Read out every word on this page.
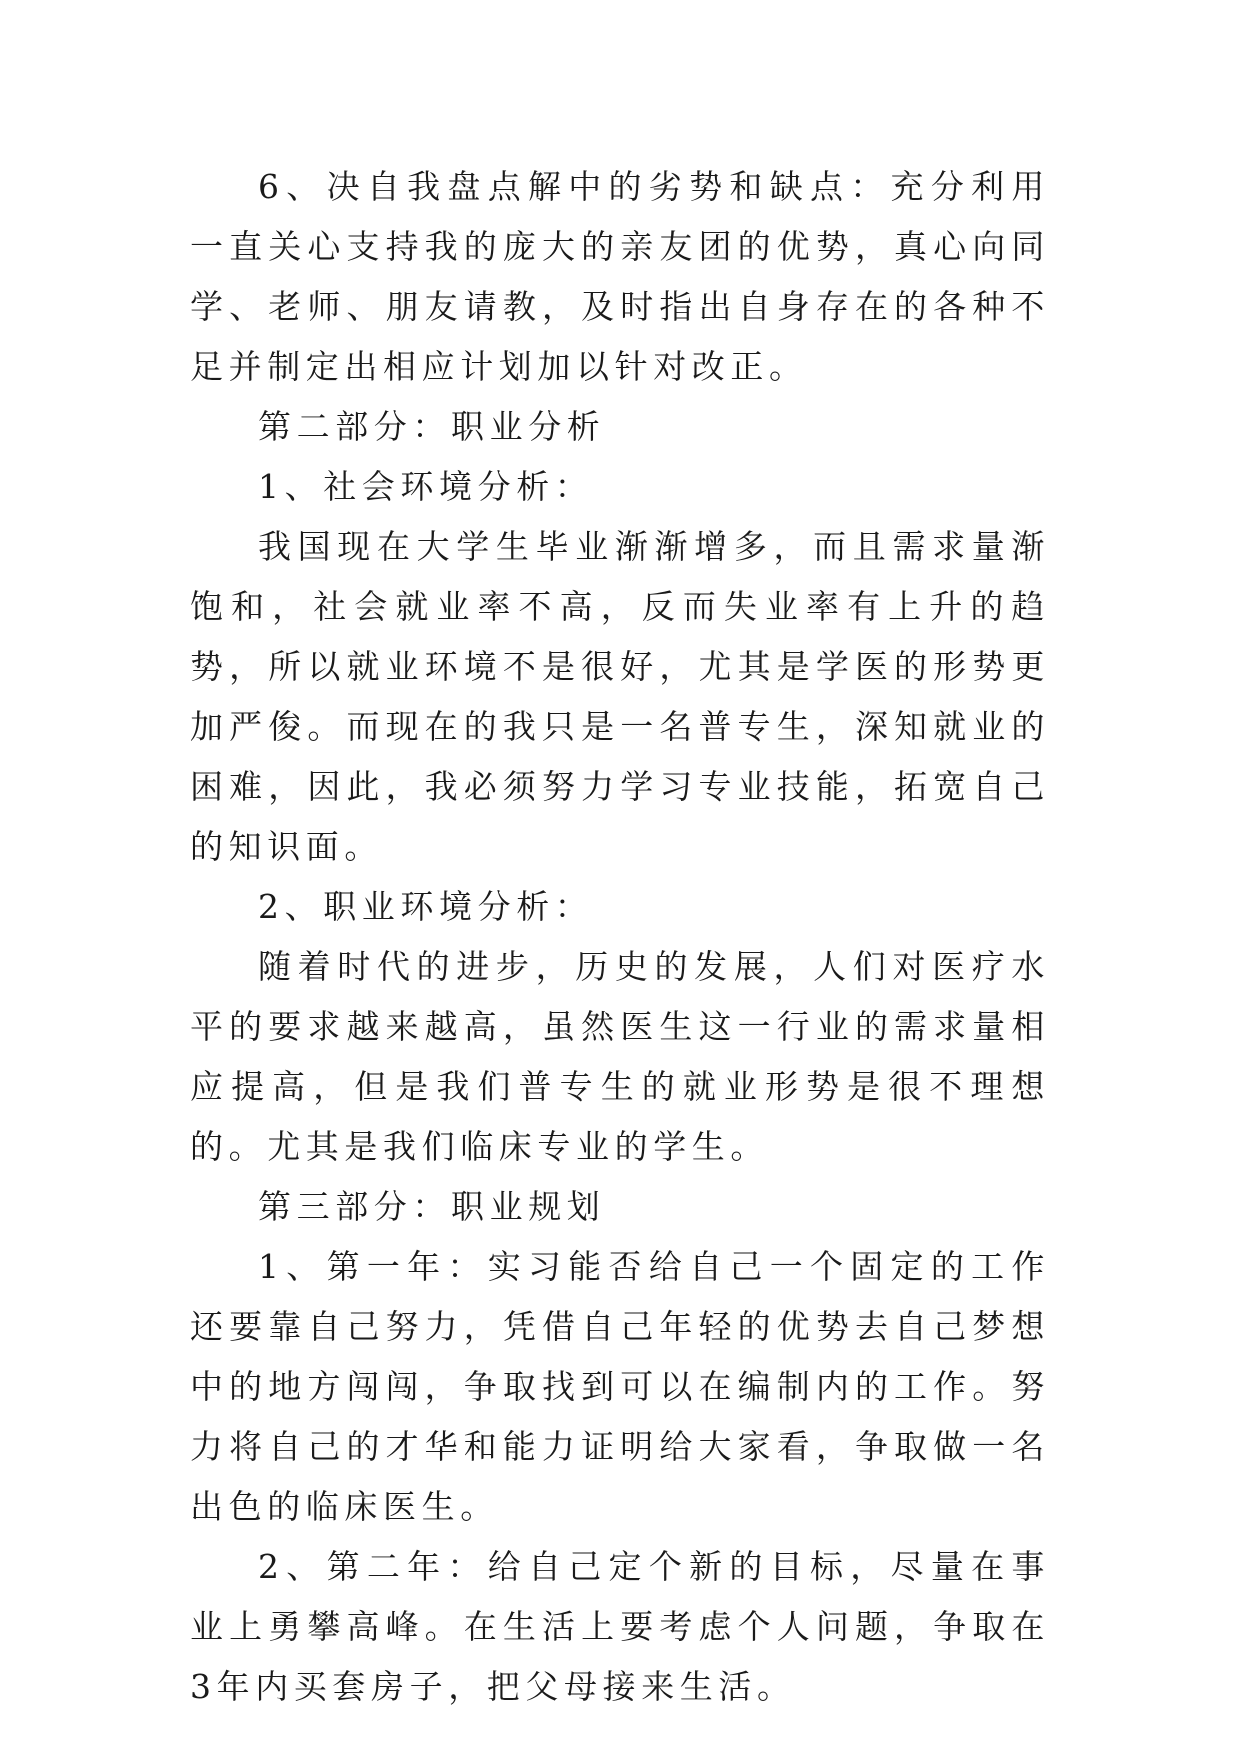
6、决自我盘点解中的劣势和缺点：充分利用一直关心支持我的庞大的亲友团的优势，真心向同学、老师、朋友请教，及时指出自身存在的各种不足并制定出相应计划加以针对改正。

第二部分：职业分析

1、社会环境分析：

我国现在大学生毕业渐渐增多，而且需求量渐饱和，社会就业率不高，反而失业率有上升的趋势，所以就业环境不是很好，尤其是学医的形势更加严俊。而现在的我只是一名普专生，深知就业的困难，因此，我必须努力学习专业技能，拓宽自己的知识面。

2、职业环境分析：

随着时代的进步，历史的发展，人们对医疗水平的要求越来越高，虽然医生这一行业的需求量相应提高，但是我们普专生的就业形势是很不理想的。尤其是我们临床专业的学生。

第三部分：职业规划

1、第一年：实习能否给自己一个固定的工作还要靠自己努力，凭借自己年轻的优势去自己梦想中的地方闯闯，争取找到可以在编制内的工作。努力将自己的才华和能力证明给大家看，争取做一名出色的临床医生。

2、第二年：给自己定个新的目标，尽量在事业上勇攀高峰。在生活上要考虑个人问题，争取在3年内买套房子，把父母接来生活。
